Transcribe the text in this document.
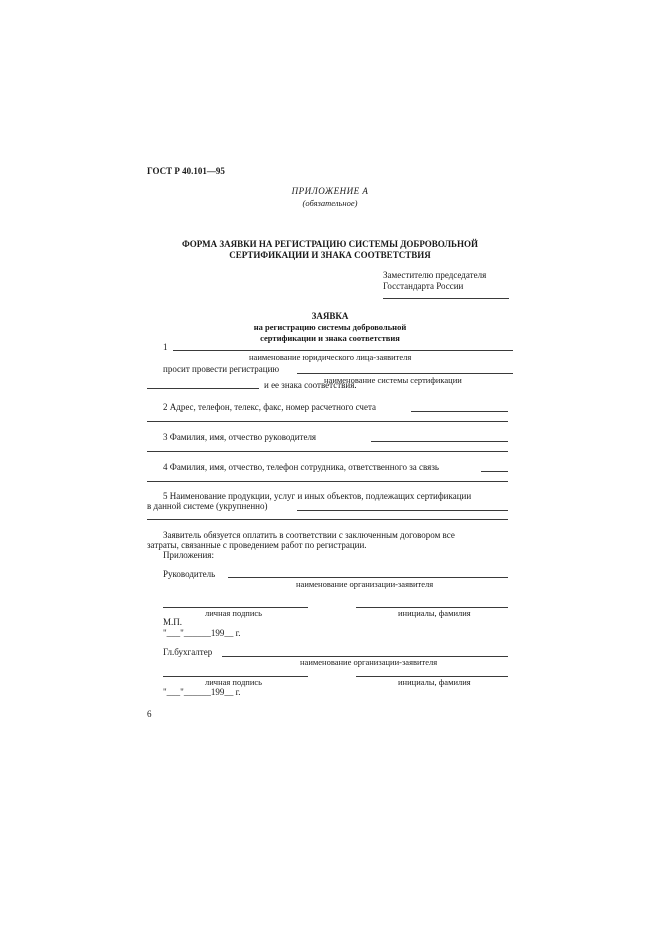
ГОСТ Р 40.101—95
ПРИЛОЖЕНИЕ А
(обязательное)
ФОРМА ЗАЯВКИ НА РЕГИСТРАЦИЮ СИСТЕМЫ ДОБРОВОЛЬНОЙ
СЕРТИФИКАЦИИ И ЗНАКА СООТВЕТСТВИЯ
Заместителю председателя
Госстандарта России
ЗАЯВКА
на регистрацию системы добровольной
сертификации и знака соответствия
1
наименование юридического лица-заявителя
просит провести регистрацию
наименование системы сертификации
и ее знака соответствия.
2 Адрес, телефон, телекс, факс, номер расчетного счета
3 Фамилия, имя, отчество руководителя
4 Фамилия, имя, отчество, телефон сотрудника, ответственного за связь
5 Наименование продукции, услуг и иных объектов, подлежащих сертификации
в данной системе (укрупненно)
Заявитель обязуется оплатить в соответствии с заключенным договором все
затраты, связанные с проведением работ по регистрации.
Приложения:
Руководитель
наименование организации-заявителя
личная подпись	инициалы, фамилия
М.П.
"___"______199__ г.
Гл.бухгалтер
наименование организации-заявителя
личная подпись	инициалы, фамилия
"___"______199__ г.
6
